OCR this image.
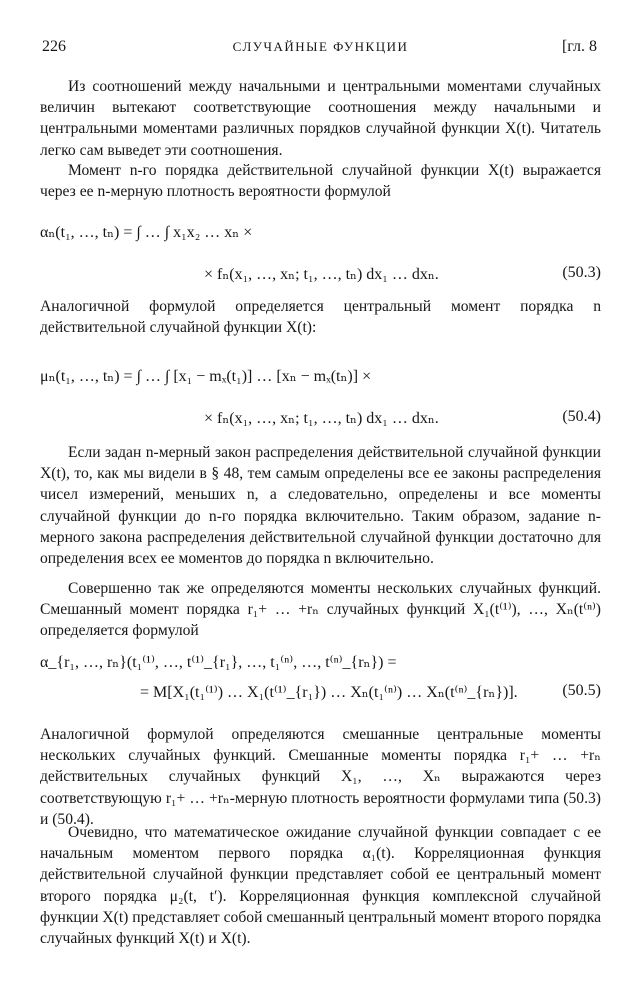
226	СЛУЧАЙНЫЕ ФУНКЦИИ	[гл. 8
Из соотношений между начальными и центральными моментами случайных величин вытекают соответствующие соотношения между начальными и центральными моментами различных порядков случайной функции X(t). Читатель легко сам выведет эти соотношения.
Момент n-го порядка действительной случайной функции X(t) выражается через ее n-мерную плотность вероятности формулой
αₙ(t₁, …, tₙ) = ∫ … ∫ x₁x₂ … xₙ ×
× fₙ(x₁, …, xₙ; t₁, …, tₙ) dx₁ … dxₙ.	(50.3)
Аналогичной формулой определяется центральный момент порядка n действительной случайной функции X(t):
μₙ(t₁, …, tₙ) = ∫ … ∫ [x₁ − mₓ(t₁)] … [xₙ − mₓ(tₙ)] ×
× fₙ(x₁, …, xₙ; t₁, …, tₙ) dx₁ … dxₙ.	(50.4)
Если задан n-мерный закон распределения действительной случайной функции X(t), то, как мы видели в § 48, тем самым определены все ее законы распределения чисел измерений, меньших n, а следовательно, определены и все моменты случайной функции до n-го порядка включительно. Таким образом, задание n-мерного закона распределения действительной случайной функции достаточно для определения всех ее моментов до порядка n включительно.
Совершенно так же определяются моменты нескольких случайных функций. Смешанный момент порядка r₁+ … +rₙ случайных функций X₁(t⁽¹⁾), …, Xₙ(t⁽ⁿ⁾) определяется формулой
α_{r₁, …, rₙ}(t₁⁽¹⁾, …, t⁽¹⁾_{r₁}, …, t₁⁽ⁿ⁾, …, t⁽ⁿ⁾_{rₙ}) =
= M[X₁(t₁⁽¹⁾) … X₁(t⁽¹⁾_{r₁}) … Xₙ(t₁⁽ⁿ⁾) … Xₙ(t⁽ⁿ⁾_{rₙ})].	(50.5)
Аналогичной формулой определяются смешанные центральные моменты нескольких случайных функций. Смешанные моменты порядка r₁+ … +rₙ действительных случайных функций X₁, …, Xₙ выражаются через соответствующую r₁+ … +rₙ-мерную плотность вероятности формулами типа (50.3) и (50.4).
Очевидно, что математическое ожидание случайной функции совпадает с ее начальным моментом первого порядка α₁(t). Корреляционная функция действительной случайной функции представляет собой ее центральный момент второго порядка μ₂(t, t′). Корреляционная функция комплексной случайной функции X(t) представляет собой смешанный центральный момент второго порядка случайных функций X(t) и X(t).
